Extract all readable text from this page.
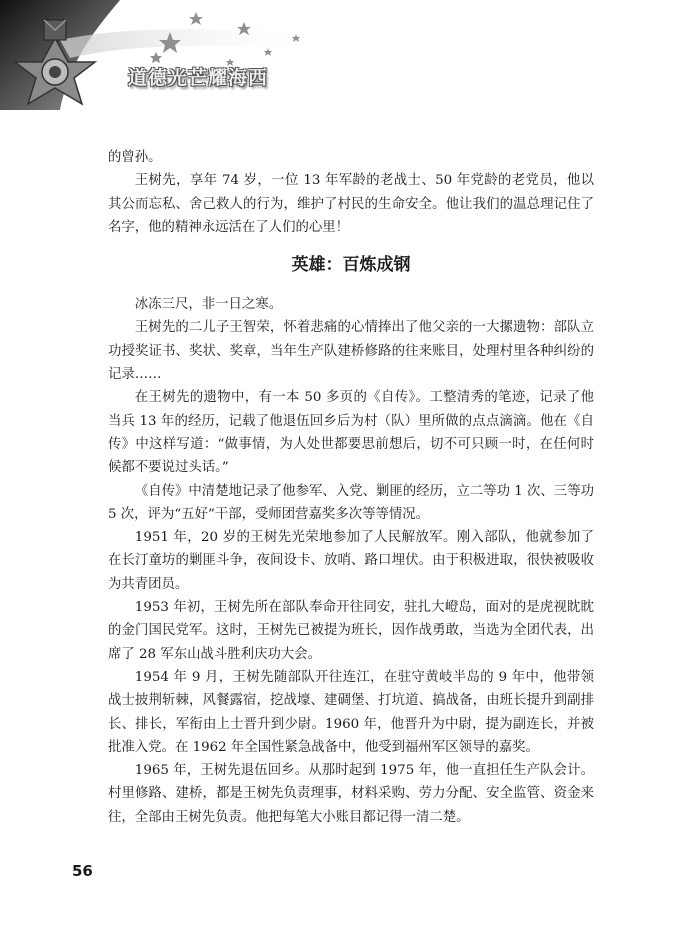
道德光芒耀海西

的曾孙。

王树先，享年 74 岁，一位 13 年军龄的老战士、50 年党龄的老党员，他以其公而忘私、舍己救人的行为，维护了村民的生命安全。他让我们的温总理记住了名字，他的精神永远活在了人们的心里！

英雄：百炼成钢

冰冻三尺，非一日之寒。

王树先的二儿子王智荣，怀着悲痛的心情捧出了他父亲的一大摞遗物：部队立功授奖证书、奖状、奖章，当年生产队建桥修路的往来账目，处理村里各种纠纷的记录……

在王树先的遗物中，有一本 50 多页的《自传》。工整清秀的笔迹，记录了他当兵 13 年的经历，记载了他退伍回乡后为村（队）里所做的点点滴滴。他在《自传》中这样写道：“做事情，为人处世都要思前想后，切不可只顾一时，在任何时候都不要说过头话。”

《自传》中清楚地记录了他参军、入党、剿匪的经历，立二等功 1 次、三等功 5 次，评为“五好”干部，受师团营嘉奖多次等等情况。

1951 年，20 岁的王树先光荣地参加了人民解放军。刚入部队，他就参加了在长汀童坊的剿匪斗争，夜间设卡、放哨、路口埋伏。由于积极进取，很快被吸收为共青团员。

1953 年初，王树先所在部队奉命开往同安，驻扎大嶝岛，面对的是虎视眈眈的金门国民党军。这时，王树先已被提为班长，因作战勇敢，当选为全团代表，出席了 28 军东山战斗胜利庆功大会。

1954 年 9 月，王树先随部队开往连江，在驻守黄岐半岛的 9 年中，他带领战士披荆斩棘，风餐露宿，挖战壕、建碉堡、打坑道、搞战备，由班长提升到副排长、排长，军衔由上士晋升到少尉。1960 年，他晋升为中尉，提为副连长，并被批准入党。在 1962 年全国性紧急战备中，他受到福州军区领导的嘉奖。

1965 年，王树先退伍回乡。从那时起到 1975 年，他一直担任生产队会计。村里修路、建桥，都是王树先负责理事，材料采购、劳力分配、安全监管、资金来往，全部由王树先负责。他把每笔大小账目都记得一清二楚。

56
